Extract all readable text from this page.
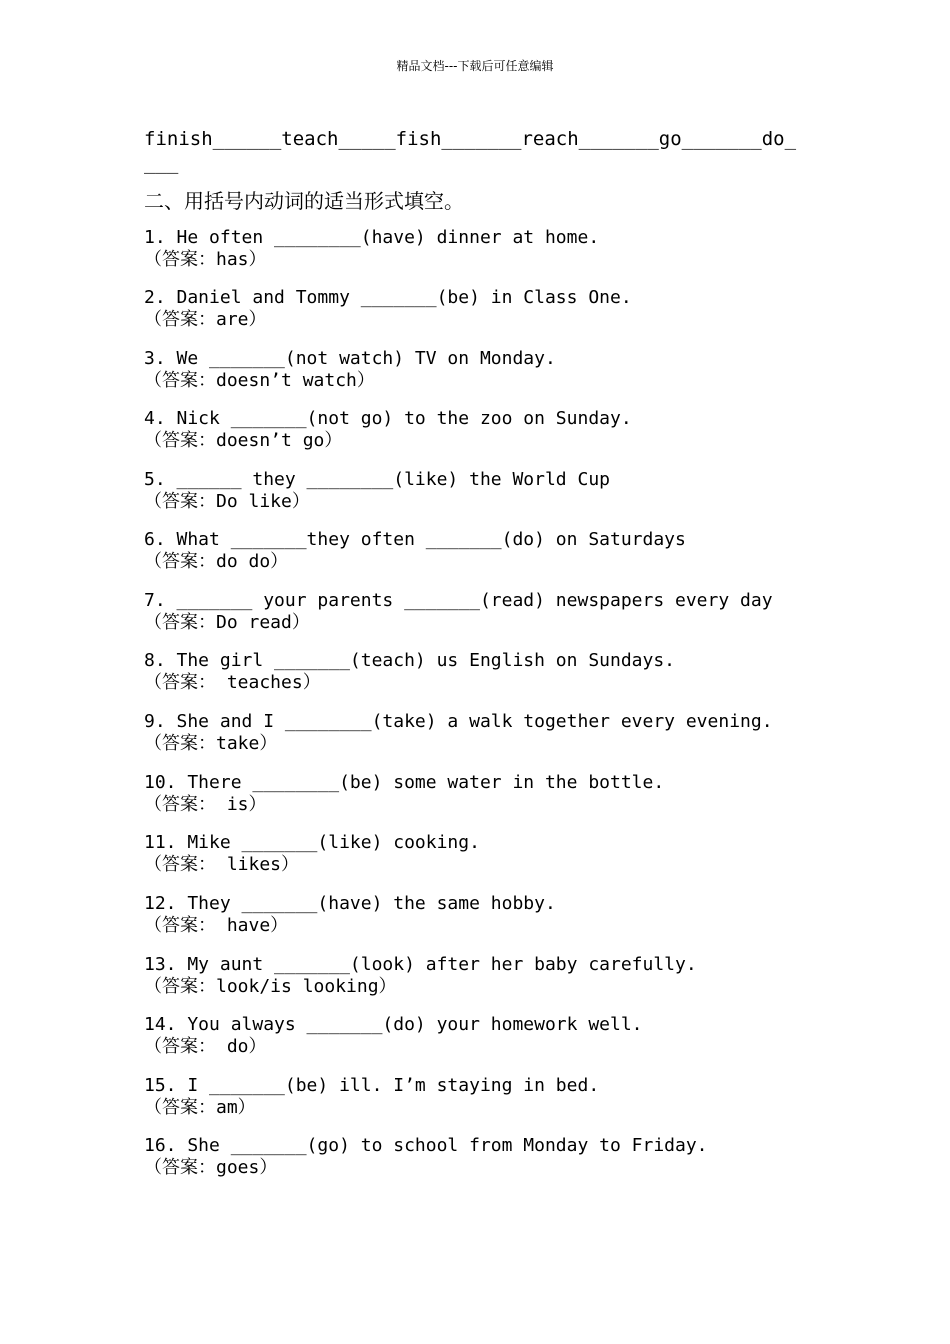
精品文档---下载后可任意编辑
finish______teach_____fish_______reach_______go_______do____
二、用括号内动词的适当形式填空。
1. He often ________(have) dinner at home.
（答案：has）
2. Daniel and Tommy _______(be) in Class One.
（答案：are）
3. We _______(not watch) TV on Monday.
（答案：doesn’t watch）
4. Nick _______(not go) to the zoo on Sunday.
（答案：doesn’t go）
5. ______ they ________(like) the World Cup
（答案：Do like）
6. What _______they often _______(do) on Saturdays
（答案：do do）
7. _______ your parents _______(read) newspapers every day
（答案：Do read）
8. The girl _______(teach) us English on Sundays.
（答案： teaches）
9. She and I ________(take) a walk together every evening.
（答案：take）
10. There ________(be) some water in the bottle.
（答案： is）
11. Mike _______(like) cooking.
（答案： likes）
12. They _______(have) the same hobby.
（答案： have）
13. My aunt _______(look) after her baby carefully.
（答案：look/is looking）
14. You always _______(do) your homework well.
（答案： do）
15. I _______(be) ill. I’m staying in bed.
（答案：am）
16. She _______(go) to school from Monday to Friday.
（答案：goes）
